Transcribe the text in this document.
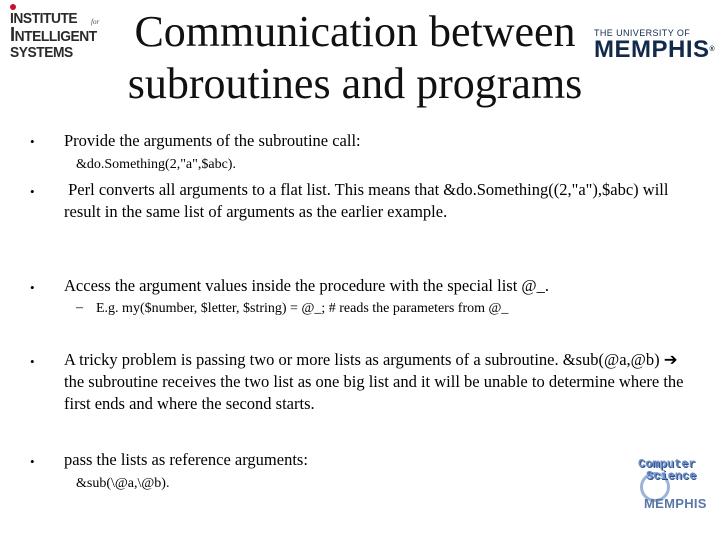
INSTITUTE for
INTELLIGENT
SYSTEMS	Communication between
subroutines and programs
THE UNIVERSITY OF
MEMPHIS®
• Provide the arguments of the subroutine call:
&do.Something(2,"a",$abc).
• Perl converts all arguments to a flat list. This means that &do.Something((2,"a"),$abc) will result in the same list of arguments as the earlier example.
• Access the argument values inside the procedure with the special list @_.
– E.g. my($number, $letter, $string) = @_; # reads the parameters from @_
• A tricky problem is passing two or more lists as arguments of a subroutine. &sub(@a,@b) ➔ the subroutine receives the two list as one big list and it will be unable to determine where the first ends and where the second starts.
• pass the lists as reference arguments:
&sub(\@a,\@b).
Computer
Science
MEMPHIS
